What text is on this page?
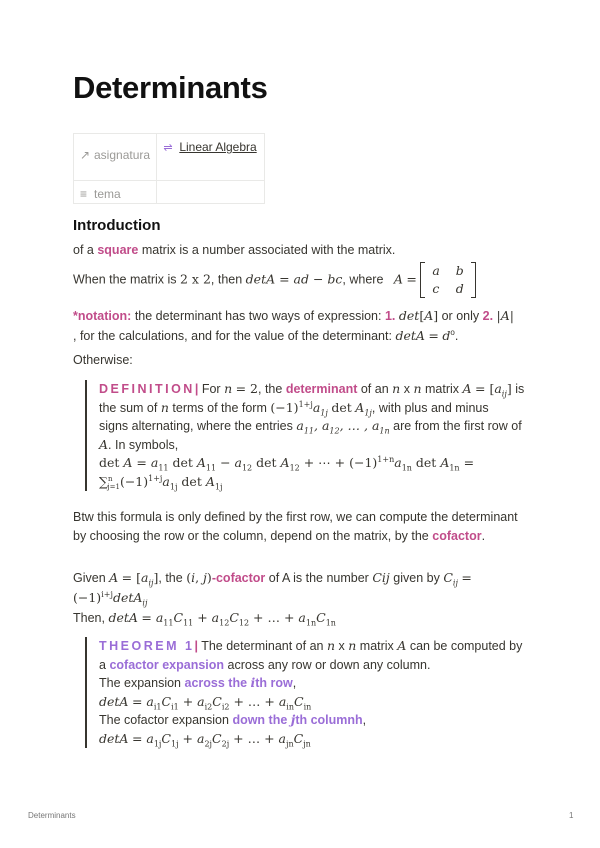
Determinants
↗ asignatura	⇌ Linear Algebra
≡ tema	
Introduction
of a square matrix is a number associated with the matrix.
When the matrix is 2 x 2, then detA = ad − bc, where A =
a	b
c	d
*notation: the determinant has two ways of expression: 1. det[A] or only 2. |A|
, for the calculations, and for the value of the determinant: $\det A = d^o$.
Otherwise:
DEFINITION| For n = 2, the determinant of an n x n matrix $A = [a_{ij}]$ is
the sum of n terms of the form $(-1)^{1+j}a_{1j}$ $\det A_{1j}$, with plus and minus
signs alternating, where the entries $a_{11}$, $a_{12}$, … , $a_{1n}$ are from the first row of
A. In symbols,
$\det A = a_{11}$ $\det A_{11} - a_{12}$ $\det A_{12}$ + ⋯ + $(-1)^{1+n}a_{1n}$ $\det A_{1n}$ =
$\sum^n_{j=1}(-1)^{1+j}a_{1j}$ $\det A_{1j}$
Btw this formula is only defined by the first row, we can compute the determinant by choosing the row or the column, depend on the matrix, by the cofactor.
Given $A = [a_{ij}]$, the (i, j)-cofactor of A is the number Cij given by $C_{ij}$ =
$(-1)^{i+j}\det A_{ij}$
Then, $\det A = a_{11}C_{11} + a_{12}C_{12}$ + … + $a_{1n}C_{1n}$
THEOREM 1| The determinant of an n x n matrix A can be computed by
a cofactor expansion across any row or down any column.
The expansion across the ith row,
$\det A = a_{i1}C_{i1} + a_{i2}C_{i2}$ + … + $a_{in}C_{in}$
The cofactor expansion down the jth columnh,
$\det A = a_{1j}C_{1j} + a_{2j}C_{2j}$ + … + $a_{jn}C_{jn}$
Determinants	1
